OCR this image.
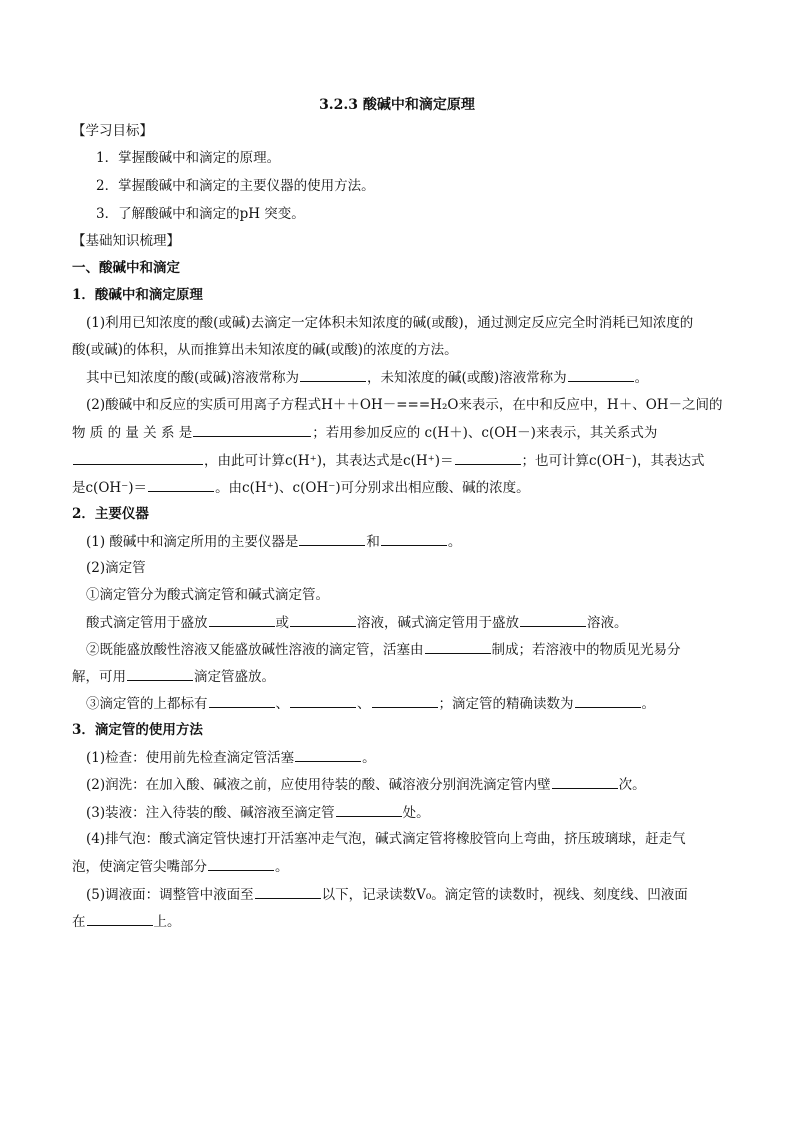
3.2.3 酸碱中和滴定原理
【学习目标】
1．掌握酸碱中和滴定的原理。
2．掌握酸碱中和滴定的主要仪器的使用方法。
3．了解酸碱中和滴定的pH 突变。
【基础知识梳理】
一、酸碱中和滴定
1．酸碱中和滴定原理
(1)利用已知浓度的酸(或碱)去滴定一定体积未知浓度的碱(或酸)，通过测定反应完全时消耗已知浓度的
酸(或碱)的体积，从而推算出未知浓度的碱(或酸)的浓度的方法。
其中已知浓度的酸(或碱)溶液常称为	，未知浓度的碱(或酸)溶液常称为	。
(2)酸碱中和反应的实质可用离子方程式H＋＋OH－===H₂O来表示，在中和反应中，H＋、OH－之间的
物 质 的 量 关 系 是	；若用参加反应的 c(H＋)、c(OH－)来表示，其关系式为
，由此可计算c(H⁺)，其表达式是c(H⁺)＝	；也可计算c(OH⁻)，其表达式
是c(OH⁻)＝	。由c(H⁺)、c(OH⁻)可分别求出相应酸、碱的浓度。
2．主要仪器
(1) 酸碱中和滴定所用的主要仪器是	和	。
(2)滴定管
①滴定管分为酸式滴定管和碱式滴定管。
酸式滴定管用于盛放	或	溶液，碱式滴定管用于盛放	溶液。
②既能盛放酸性溶液又能盛放碱性溶液的滴定管，活塞由	制成；若溶液中的物质见光易分
解，可用	滴定管盛放。
③滴定管的上都标有	、	、	；滴定管的精确读数为	。
3．滴定管的使用方法
(1)检查：使用前先检查滴定管活塞	。
(2)润洗：在加入酸、碱液之前，应使用待装的酸、碱溶液分别润洗滴定管内壁	次。
(3)装液：注入待装的酸、碱溶液至滴定管	处。
(4)排气泡：酸式滴定管快速打开活塞冲走气泡，碱式滴定管将橡胶管向上弯曲，挤压玻璃球，赶走气
泡，使滴定管尖嘴部分	。
(5)调液面：调整管中液面至	以下，记录读数V₀。滴定管的读数时，视线、刻度线、凹液面
在	上。
